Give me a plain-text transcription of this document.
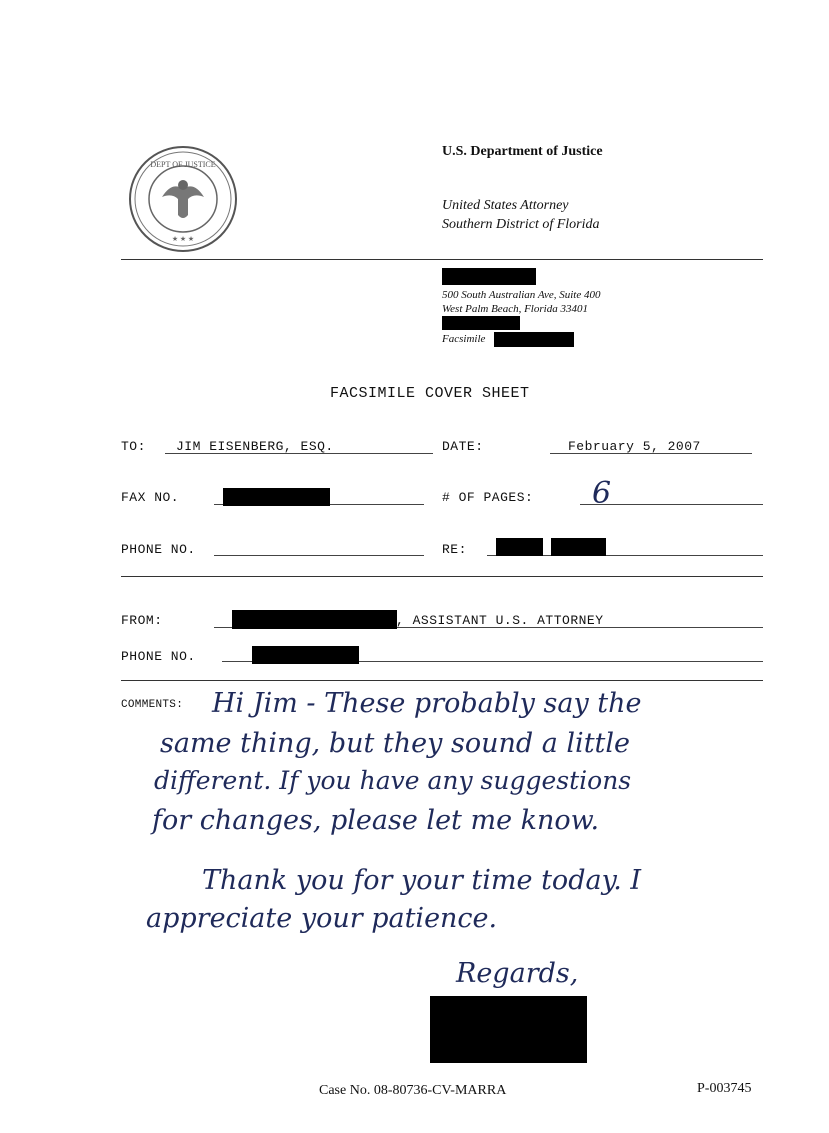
DEPT OF JUSTICE
★ ★ ★
U.S. Department of Justice
United States Attorney
Southern District of Florida
500 South Australian Ave, Suite 400
West Palm Beach, Florida 33401
Facsimile
FACSIMILE COVER SHEET
TO: JIM EISENBERG, ESQ.	DATE:	February 5, 2007
FAX NO.	# OF PAGES: 6
PHONE NO.	RE:
FROM:	, ASSISTANT U.S. ATTORNEY
PHONE NO.
COMMENTS: Hi Jim - These probably say the
same thing, but they sound a little
different. If you have any suggestions
for changes, please let me know.
Thank you for your time today. I
appreciate your patience.
Regards,
Case No. 08-80736-CV-MARRA	P-003745
